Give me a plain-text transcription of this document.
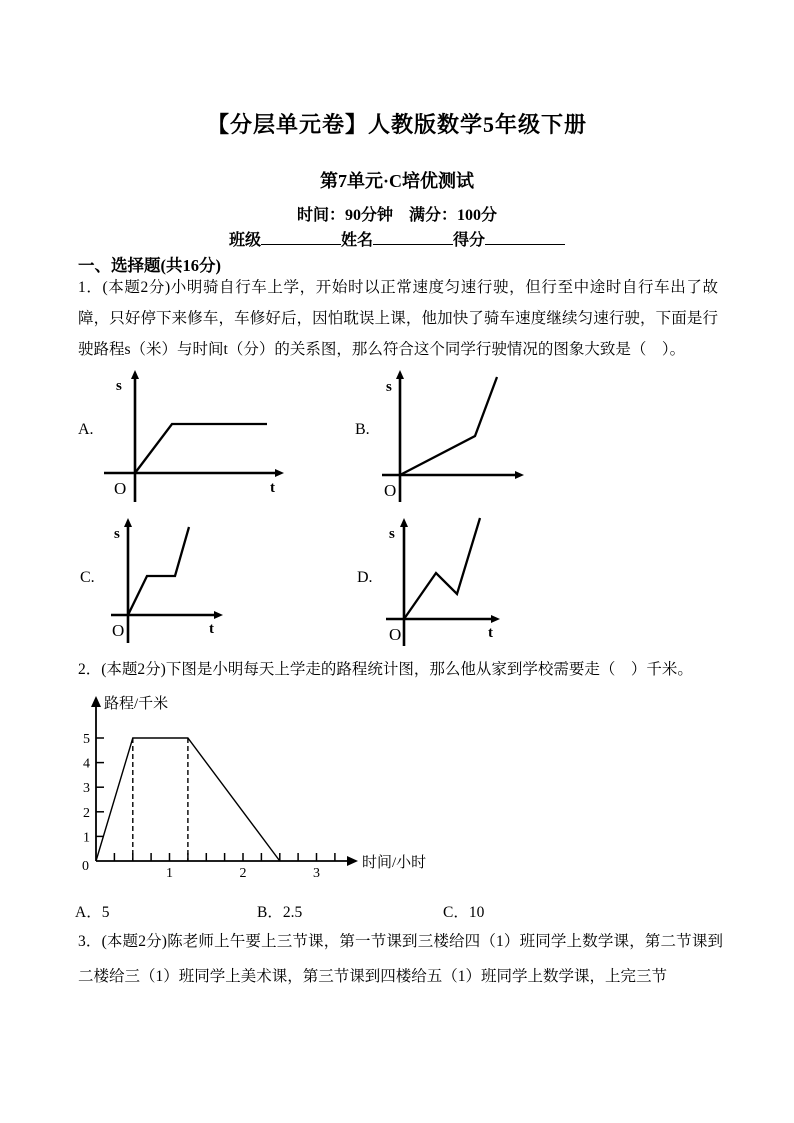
【分层单元卷】人教版数学5年级下册
第7单元·C培优测试
时间：90分钟　满分：100分
班级	姓名	得分
一、选择题(共16分)
1．(本题2分)小明骑自行车上学，开始时以正常速度匀速行驶，但行至中途时自行车出了故障，只好停下来修车，车修好后，因怕耽误上课，他加快了骑车速度继续匀速行驶，下面是行驶路程s（米）与时间t（分）的关系图，那么符合这个同学行驶情况的图象大致是（　）。
A.
s
t
O
B.
s
O
C.
s
t
O
D.
s
t
O
2．(本题2分)下图是小明每天上学走的路程统计图，那么他从家到学校需要走（　）千米。
5
4
3
2
1
0	1	2	3
路程/千米
时间/小时
A．5	B．2.5	C．10
3．(本题2分)陈老师上午要上三节课，第一节课到三楼给四（1）班同学上数学课，第二节课到二楼给三（1）班同学上美术课，第三节课到四楼给五（1）班同学上数学课，上完三节
